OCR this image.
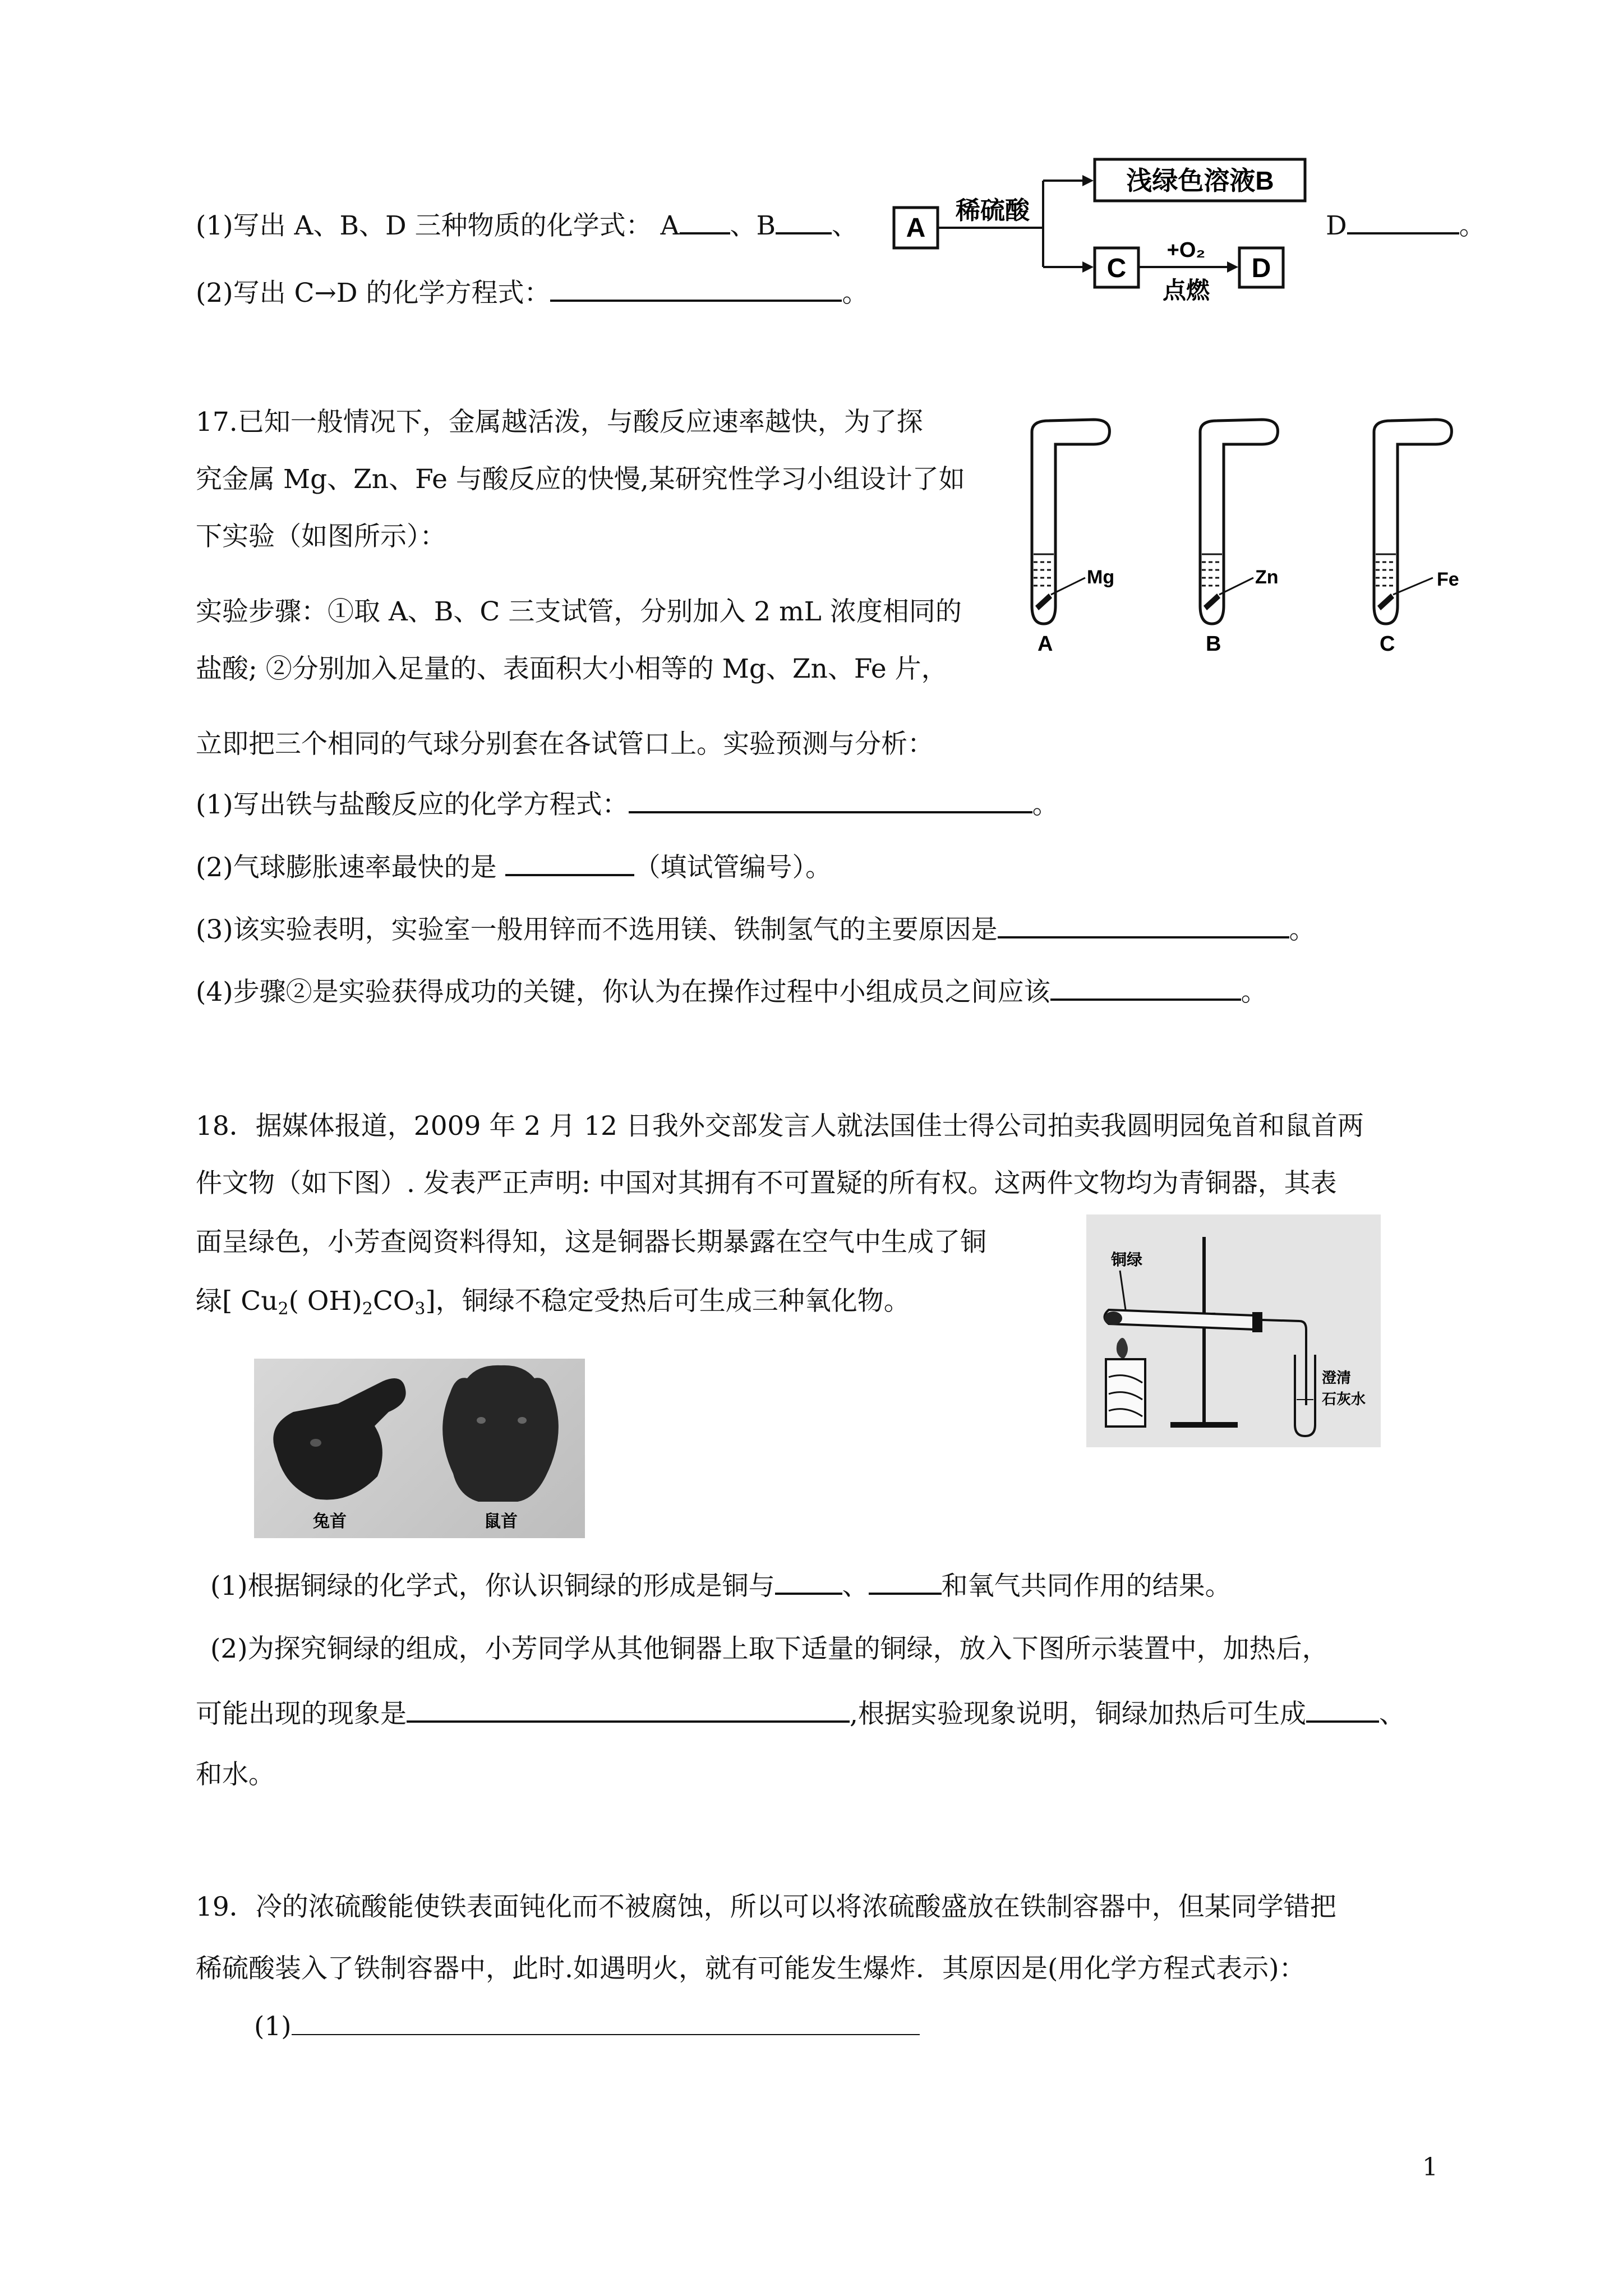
(1)写出 A、B、D 三种物质的化学式： A 、B 、	D	。
(2)写出 C→D 的化学方程式：	。
A
稀硫酸
浅绿色溶液B
C
+O₂
点燃
D
17.已知一般情况下，金属越活泼，与酸反应速率越快，为了探
究金属 Mg、Zn、Fe 与酸反应的快慢,某研究性学习小组设计了如
下实验（如图所示）：
实验步骤：①取 A、B、C 三支试管，分别加入 2 mL 浓度相同的
盐酸; ②分别加入足量的、表面积大小相等的 Mg、Zn、Fe 片，
立即把三个相同的气球分别套在各试管口上。实验预测与分析：
(1)写出铁与盐酸反应的化学方程式：	。
(2)气球膨胀速率最快的是	（填试管编号）。
(3)该实验表明，实验室一般用锌而不选用镁、铁制氢气的主要原因是	。
(4)步骤②是实验获得成功的关键，你认为在操作过程中小组成员之间应该	。
Mg
A
Zn
B
Fe
C
18．据媒体报道，2009 年 2 月 12 日我外交部发言人就法国佳士得公司拍卖我圆明园兔首和鼠首两
件文物（如下图）. 发表严正声明: 中国对其拥有不可置疑的所有权。这两件文物均为青铜器，其表
面呈绿色，小芳查阅资料得知，这是铜器长期暴露在空气中生成了铜
绿[ $Cu_2$( $OH)_2CO_3$]，铜绿不稳定受热后可生成三种氧化物。
兔首	鼠首
铜绿
澄清
石灰水
(1)根据铜绿的化学式，你认识铜绿的形成是铜与	、	和氧气共同作用的结果。
(2)为探究铜绿的组成，小芳同学从其他铜器上取下适量的铜绿，放入下图所示装置中，加热后，
可能出现的现象是	,根据实验现象说明，铜绿加热后可生成	、
和水。
19．冷的浓硫酸能使铁表面钝化而不被腐蚀，所以可以将浓硫酸盛放在铁制容器中，但某同学错把
稀硫酸装入了铁制容器中，此时.如遇明火，就有可能发生爆炸．其原因是(用化学方程式表示)：
(1)
1
